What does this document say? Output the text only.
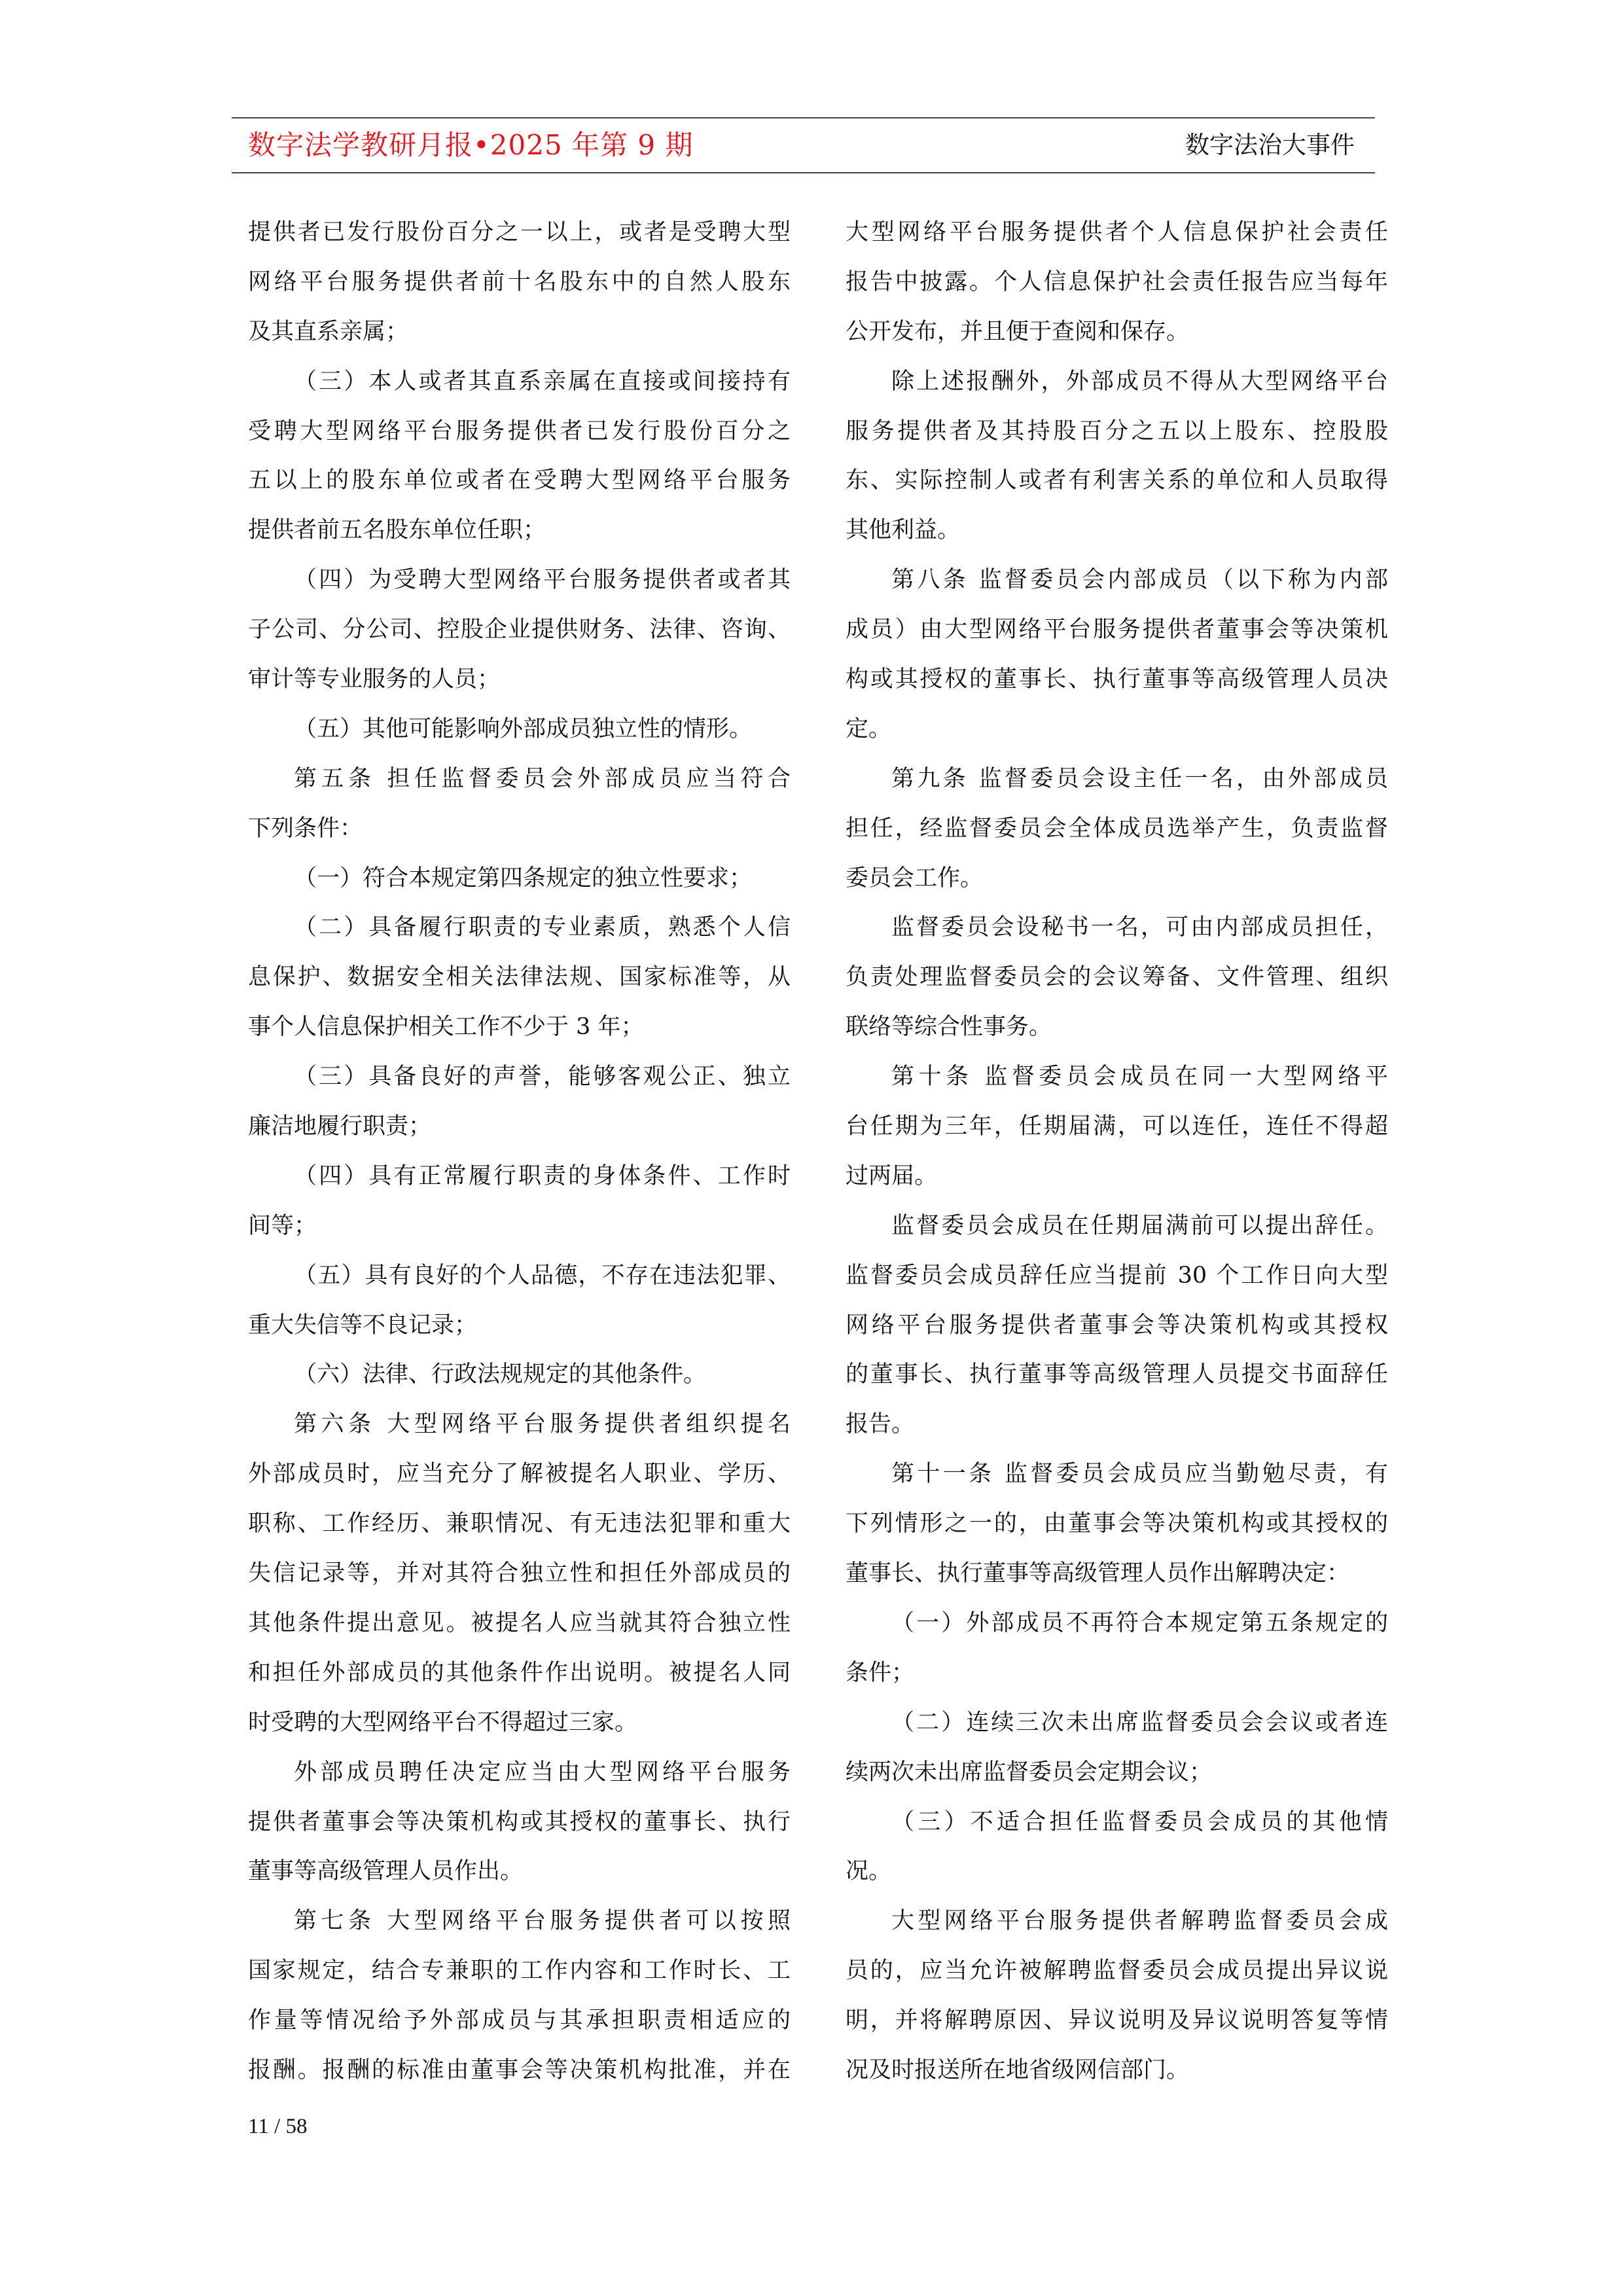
数字法学教研月报•2025 年第 9 期	数字法治大事件
提供者已发行股份百分之一以上，或者是受聘大型
网络平台服务提供者前十名股东中的自然人股东
及其直系亲属；
（三）本人或者其直系亲属在直接或间接持有
受聘大型网络平台服务提供者已发行股份百分之
五以上的股东单位或者在受聘大型网络平台服务
提供者前五名股东单位任职；
（四）为受聘大型网络平台服务提供者或者其
子公司、分公司、控股企业提供财务、法律、咨询、
审计等专业服务的人员；
（五）其他可能影响外部成员独立性的情形。
第五条 担任监督委员会外部成员应当符合
下列条件：
（一）符合本规定第四条规定的独立性要求；
（二）具备履行职责的专业素质，熟悉个人信
息保护、数据安全相关法律法规、国家标准等，从
事个人信息保护相关工作不少于 3 年；
（三）具备良好的声誉，能够客观公正、独立
廉洁地履行职责；
（四）具有正常履行职责的身体条件、工作时
间等；
（五）具有良好的个人品德，不存在违法犯罪、
重大失信等不良记录；
（六）法律、行政法规规定的其他条件。
第六条 大型网络平台服务提供者组织提名
外部成员时，应当充分了解被提名人职业、学历、
职称、工作经历、兼职情况、有无违法犯罪和重大
失信记录等，并对其符合独立性和担任外部成员的
其他条件提出意见。被提名人应当就其符合独立性
和担任外部成员的其他条件作出说明。被提名人同
时受聘的大型网络平台不得超过三家。
外部成员聘任决定应当由大型网络平台服务
提供者董事会等决策机构或其授权的董事长、执行
董事等高级管理人员作出。
第七条 大型网络平台服务提供者可以按照
国家规定，结合专兼职的工作内容和工作时长、工
作量等情况给予外部成员与其承担职责相适应的
报酬。报酬的标准由董事会等决策机构批准，并在
大型网络平台服务提供者个人信息保护社会责任
报告中披露。个人信息保护社会责任报告应当每年
公开发布，并且便于查阅和保存。
除上述报酬外，外部成员不得从大型网络平台
服务提供者及其持股百分之五以上股东、控股股
东、实际控制人或者有利害关系的单位和人员取得
其他利益。
第八条 监督委员会内部成员（以下称为内部
成员）由大型网络平台服务提供者董事会等决策机
构或其授权的董事长、执行董事等高级管理人员决
定。
第九条 监督委员会设主任一名，由外部成员
担任，经监督委员会全体成员选举产生，负责监督
委员会工作。
监督委员会设秘书一名，可由内部成员担任，
负责处理监督委员会的会议筹备、文件管理、组织
联络等综合性事务。
第十条 监督委员会成员在同一大型网络平
台任期为三年，任期届满，可以连任，连任不得超
过两届。
监督委员会成员在任期届满前可以提出辞任。
监督委员会成员辞任应当提前 30 个工作日向大型
网络平台服务提供者董事会等决策机构或其授权
的董事长、执行董事等高级管理人员提交书面辞任
报告。
第十一条 监督委员会成员应当勤勉尽责，有
下列情形之一的，由董事会等决策机构或其授权的
董事长、执行董事等高级管理人员作出解聘决定：
（一）外部成员不再符合本规定第五条规定的
条件；
（二）连续三次未出席监督委员会会议或者连
续两次未出席监督委员会定期会议；
（三）不适合担任监督委员会成员的其他情
况。
大型网络平台服务提供者解聘监督委员会成
员的，应当允许被解聘监督委员会成员提出异议说
明，并将解聘原因、异议说明及异议说明答复等情
况及时报送所在地省级网信部门。
11 / 58
